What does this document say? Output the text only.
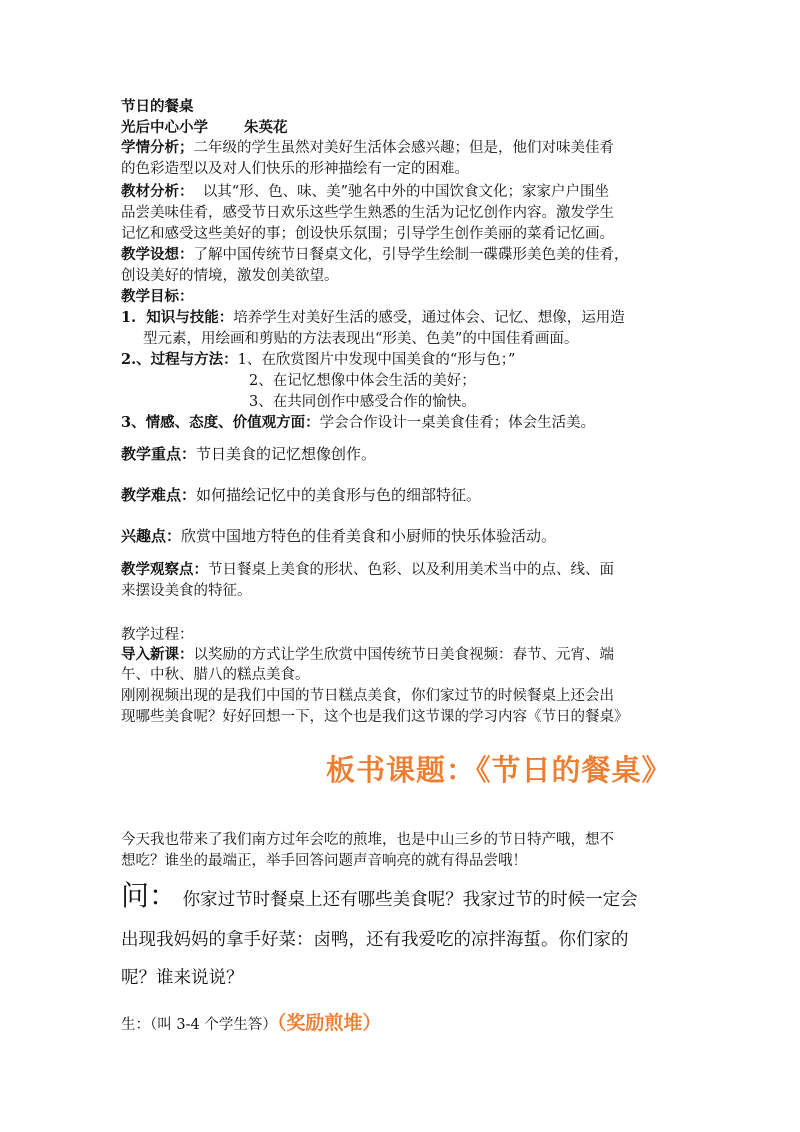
节日的餐桌
光后中心小学 朱英花
学情分析；二年级的学生虽然对美好生活体会感兴趣；但是，他们对味美佳肴
的色彩造型以及对人们快乐的形神描绘有一定的困难。
教材分析：  以其“形、色、味、美”驰名中外的中国饮食文化；家家户户围坐
品尝美味佳肴，感受节日欢乐这些学生熟悉的生活为记忆创作内容。激发学生
记忆和感受这些美好的事；创设快乐氛围；引导学生创作美丽的菜肴记忆画。
教学设想：了解中国传统节日餐桌文化，引导学生绘制一碟碟形美色美的佳肴，
创设美好的情境，激发创美欲望。
教学目标：
1.  知识与技能：培养学生对美好生活的感受，通过体会、记忆、想像，运用造
型元素，用绘画和剪贴的方法表现出“形美、色美”的中国佳肴画面。
2.、过程与方法：1、在欣赏图片中发现中国美食的“形与色；”
2、在记忆想像中体会生活的美好；
3、在共同创作中感受合作的愉快。
3、情感、态度、价值观方面：学会合作设计一桌美食佳肴；体会生活美。
教学重点：节日美食的记忆想像创作。
教学难点：如何描绘记忆中的美食形与色的细部特征。
兴趣点：欣赏中国地方特色的佳肴美食和小厨师的快乐体验活动。
教学观察点：节日餐桌上美食的形状、色彩、以及利用美术当中的点、线、面
来摆设美食的特征。
教学过程：
导入新课：以奖励的方式让学生欣赏中国传统节日美食视频：春节、元宵、端
午、中秋、腊八的糕点美食。
刚刚视频出现的是我们中国的节日糕点美食，你们家过节的时候餐桌上还会出
现哪些美食呢？好好回想一下，这个也是我们这节课的学习内容《节日的餐桌》
板书课题：《节日的餐桌》
今天我也带来了我们南方过年会吃的煎堆，也是中山三乡的节日特产哦，想不
想吃？谁坐的最端正，举手回答问题声音响亮的就有得品尝哦！
问： 你家过节时餐桌上还有哪些美食呢？我家过节的时候一定会
出现我妈妈的拿手好菜：卤鸭，还有我爱吃的凉拌海蜇。你们家的
呢？谁来说说？
生：（叫 3-4 个学生答）（奖励煎堆）
